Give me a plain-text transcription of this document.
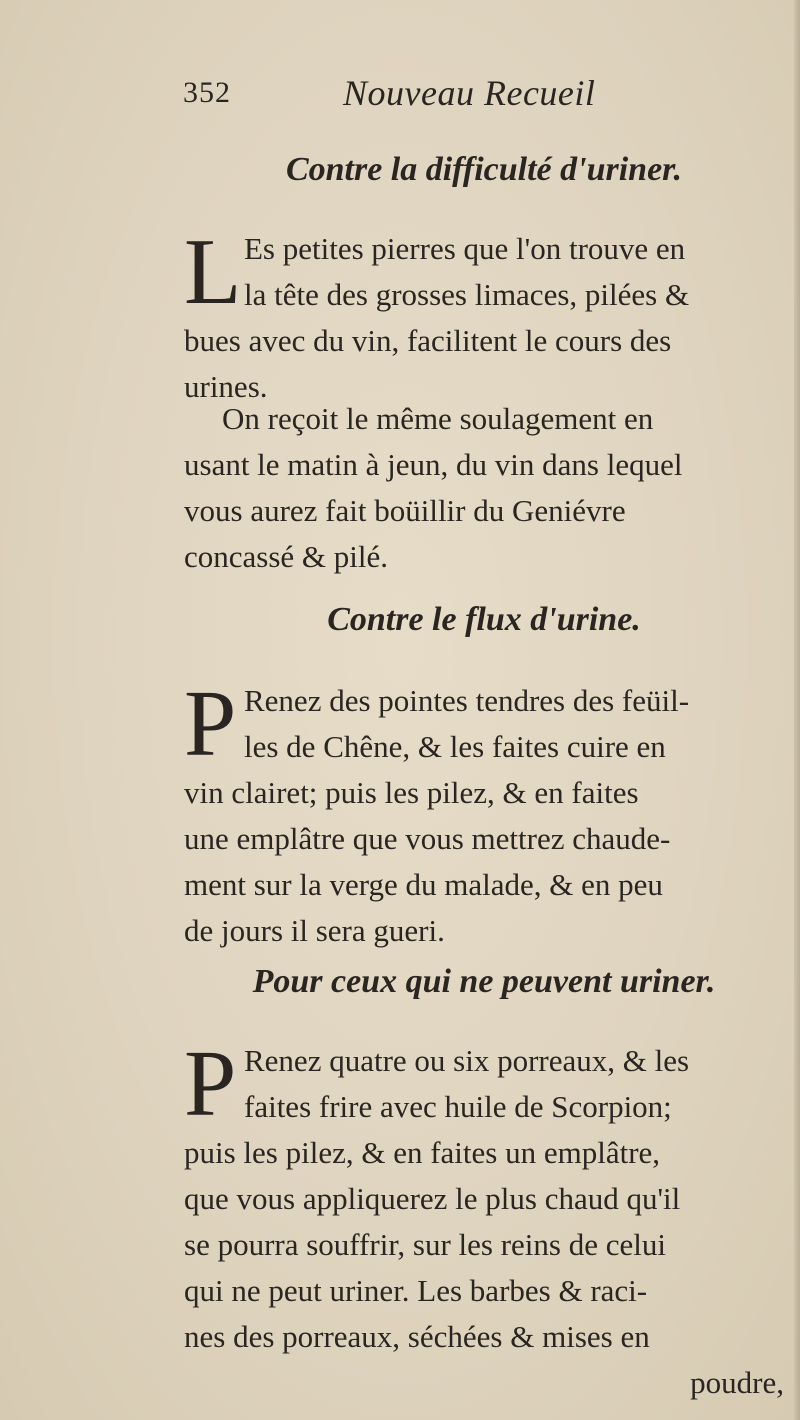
352	Nouveau Recueil
Contre la difficulté d'uriner.

L Es petites pierres que l'on trouve en
la tête des grosses limaces, pilées &
bues avec du vin, facilitent le cours des
urines.

On reçoit le même soulagement en
usant le matin à jeun, du vin dans lequel
vous aurez fait boüillir du Geniévre
concassé & pilé.

Contre le flux d'urine.

P Renez des pointes tendres des feüil-
les de Chêne, & les faites cuire en
vin clairet; puis les pilez, & en faites
une emplâtre que vous mettrez chaude-
ment sur la verge du malade, & en peu
de jours il sera gueri.

Pour ceux qui ne peuvent uriner.

P Renez quatre ou six porreaux, & les
faites frire avec huile de Scorpion;
puis les pilez, & en faites un emplâtre,
que vous appliquerez le plus chaud qu'il
se pourra souffrir, sur les reins de celui
qui ne peut uriner. Les barbes & raci-
nes des porreaux, séchées & mises en
poudre,
